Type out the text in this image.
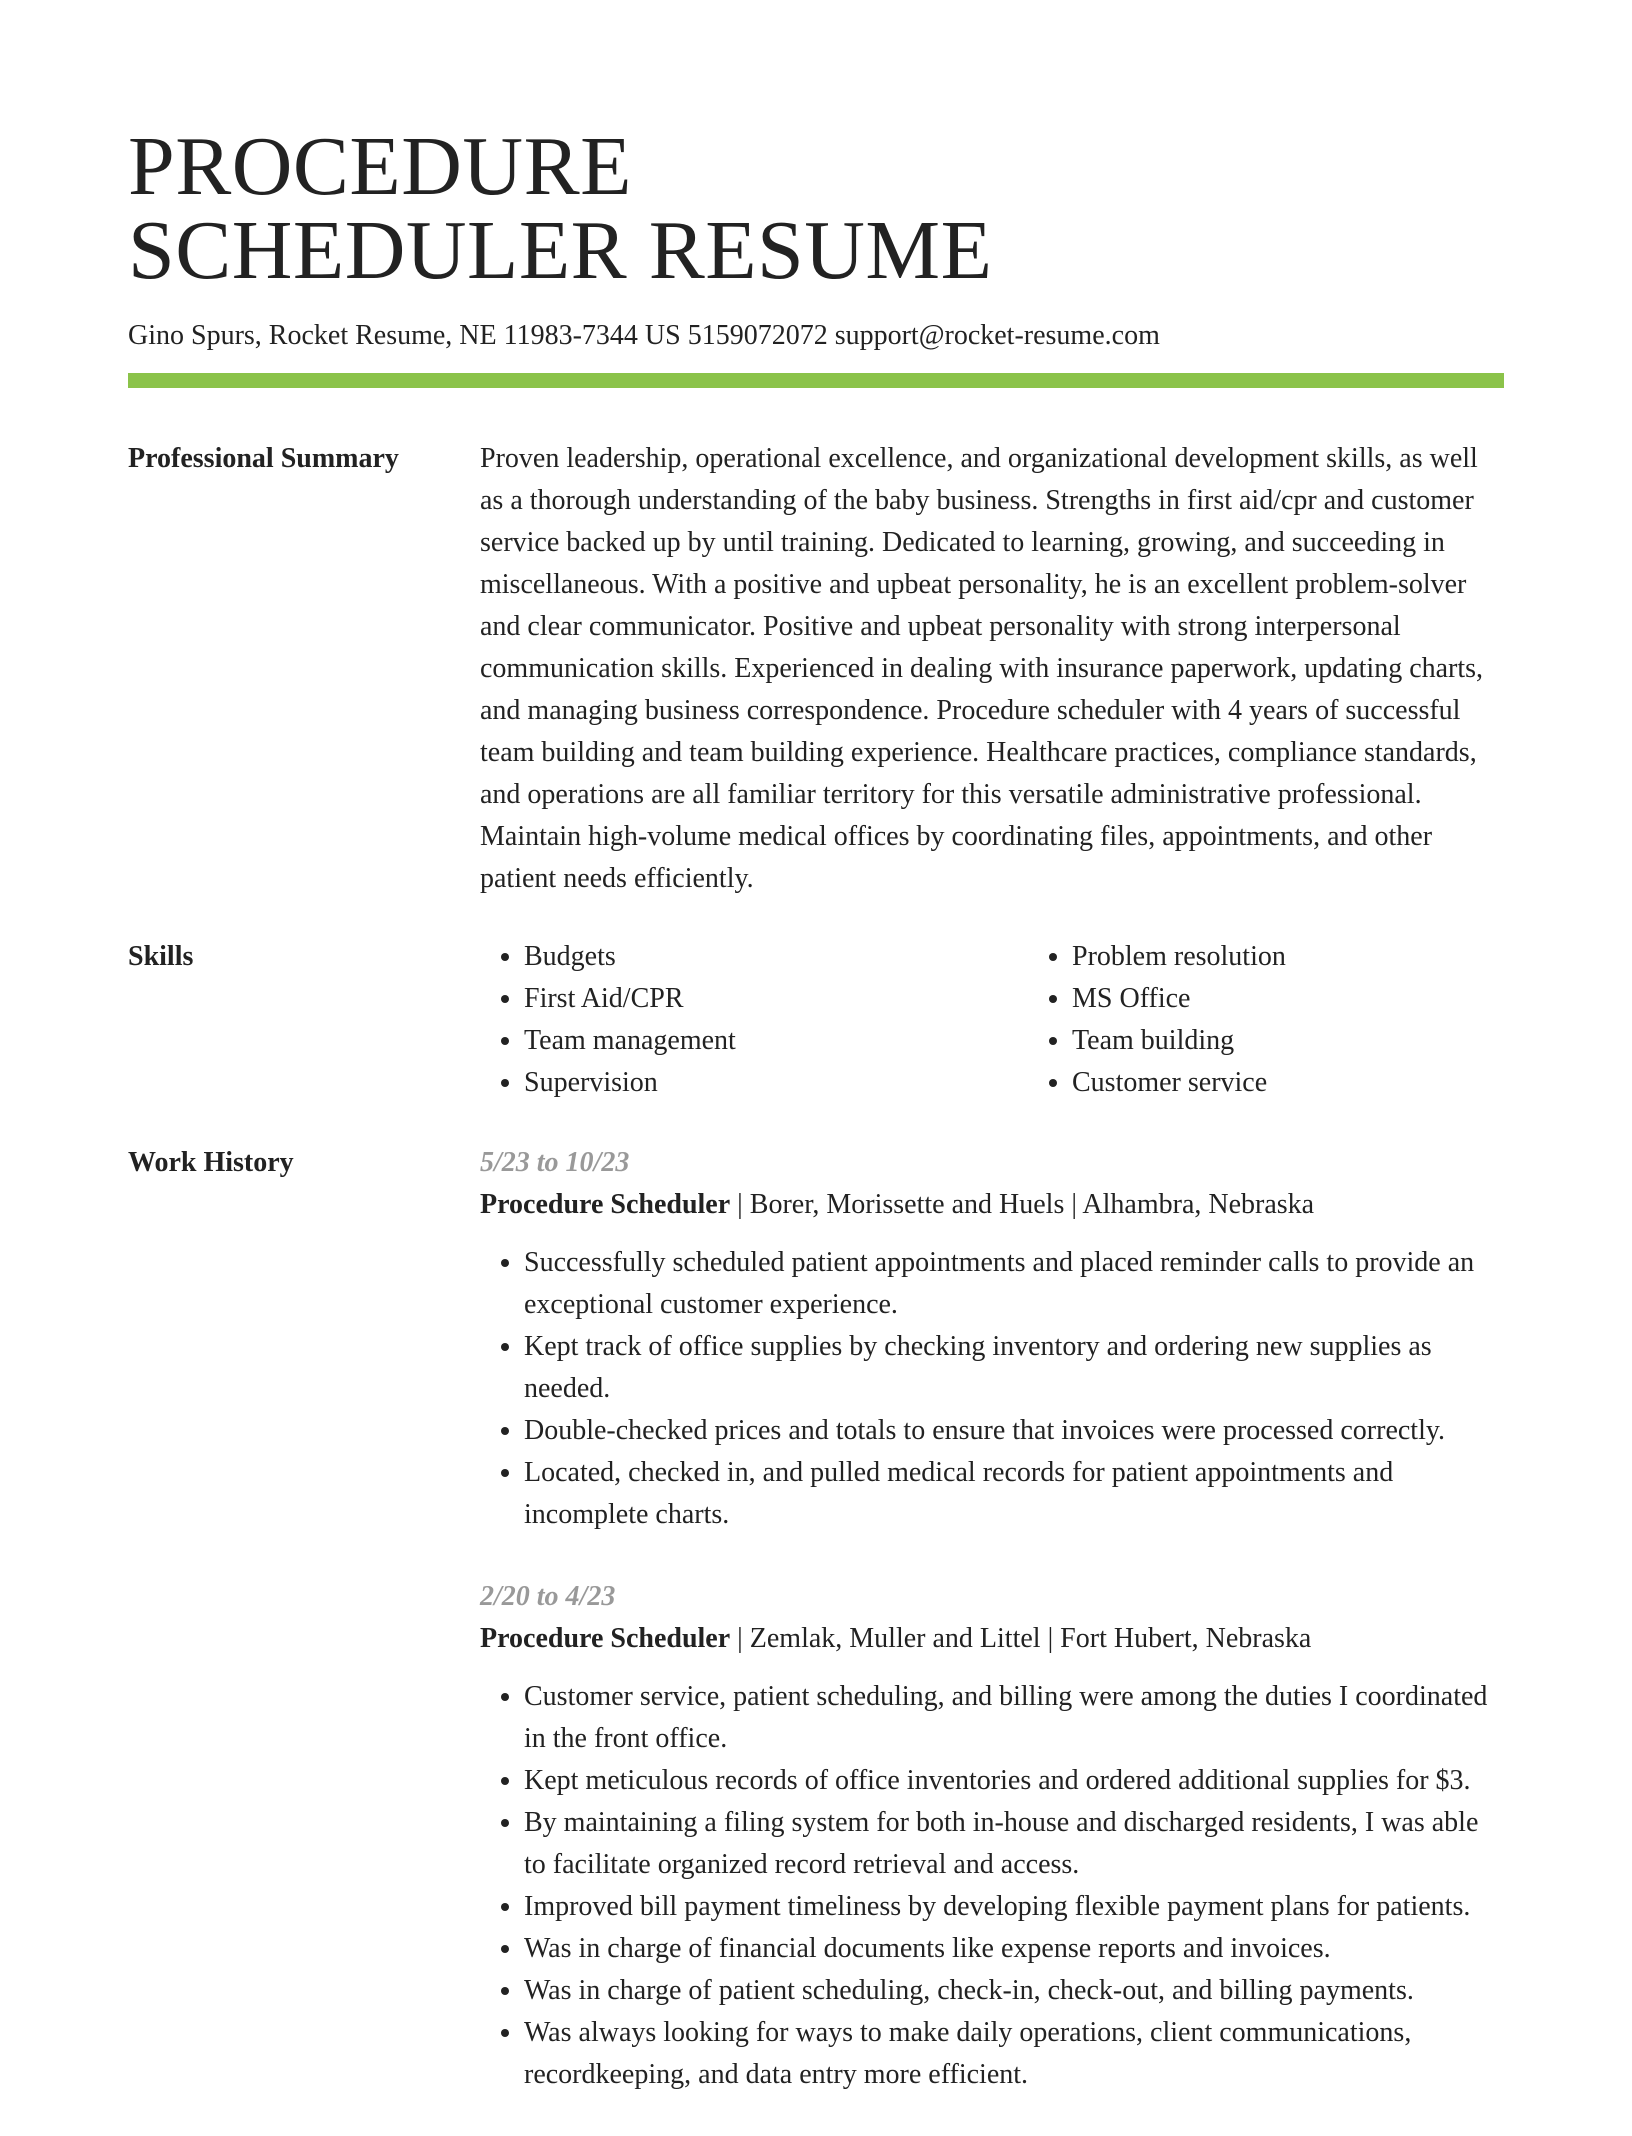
PROCEDURE
SCHEDULER RESUME
Gino Spurs, Rocket Resume, NE 11983-7344 US 5159072072 support@rocket-resume.com
Professional Summary	Proven leadership, operational excellence, and organizational development skills, as well as a thorough understanding of the baby business. Strengths in first aid/cpr and customer service backed up by until training. Dedicated to learning, growing, and succeeding in miscellaneous. With a positive and upbeat personality, he is an excellent problem-solver and clear communicator. Positive and upbeat personality with strong interpersonal communication skills. Experienced in dealing with insurance paperwork, updating charts, and managing business correspondence. Procedure scheduler with 4 years of successful team building and team building experience. Healthcare practices, compliance standards, and operations are all familiar territory for this versatile administrative professional. Maintain high-volume medical offices by coordinating files, appointments, and other patient needs efficiently.

Skills
•	Budgets
• First Aid/CPR
• Team management
• Supervision
• Problem resolution
• MS Office
• Team building
• Customer service
Work History	5/23 to 10/23
Procedure Scheduler | Borer, Morissette and Huels | Alhambra, Nebraska
• Successfully scheduled patient appointments and placed reminder calls to provide an exceptional customer experience.
• Kept track of office supplies by checking inventory and ordering new supplies as needed.
• Double-checked prices and totals to ensure that invoices were processed correctly.
• Located, checked in, and pulled medical records for patient appointments and incomplete charts.
2/20 to 4/23
Procedure Scheduler | Zemlak, Muller and Littel | Fort Hubert, Nebraska
• Customer service, patient scheduling, and billing were among the duties I coordinated in the front office.
• Kept meticulous records of office inventories and ordered additional supplies for $3.
• By maintaining a filing system for both in-house and discharged residents, I was able to facilitate organized record retrieval and access.
• Improved bill payment timeliness by developing flexible payment plans for patients.
• Was in charge of financial documents like expense reports and invoices.
• Was in charge of patient scheduling, check-in, check-out, and billing payments.
• Was always looking for ways to make daily operations, client communications, recordkeeping, and data entry more efficient.
